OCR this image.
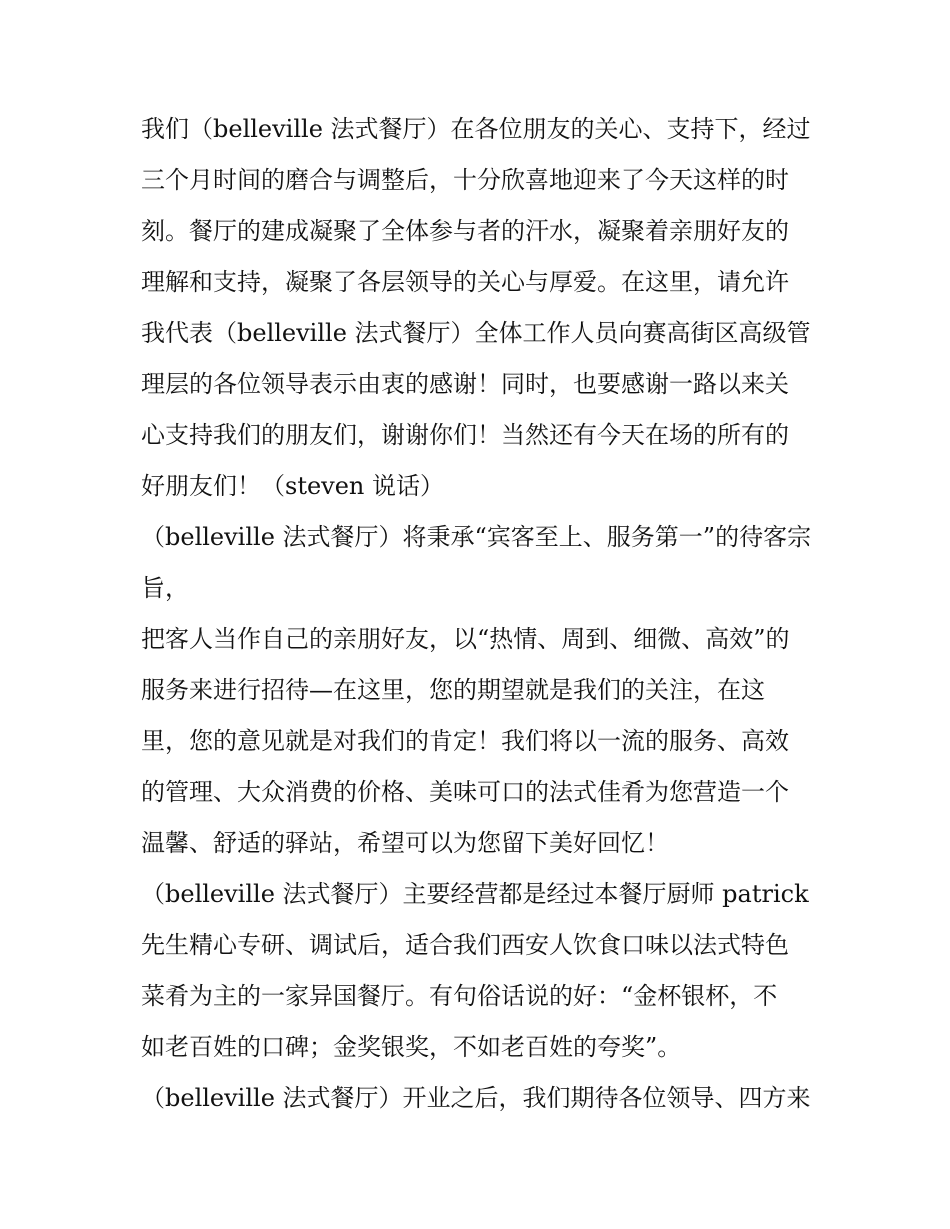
我们（belleville 法式餐厅）在各位朋友的关心、支持下，经过
三个月时间的磨合与调整后，十分欣喜地迎来了今天这样的时
刻。餐厅的建成凝聚了全体参与者的汗水，凝聚着亲朋好友的
理解和支持，凝聚了各层领导的关心与厚爱。在这里，请允许
我代表（belleville 法式餐厅）全体工作人员向赛高街区高级管
理层的各位领导表示由衷的感谢！同时，也要感谢一路以来关
心支持我们的朋友们，谢谢你们！当然还有今天在场的所有的
好朋友们！（steven 说话）
（belleville 法式餐厅）将秉承“宾客至上、服务第一”的待客宗
旨，
把客人当作自己的亲朋好友，以“热情、周到、细微、高效”的
服务来进行招待—在这里，您的期望就是我们的关注，在这
里，您的意见就是对我们的肯定！我们将以一流的服务、高效
的管理、大众消费的价格、美味可口的法式佳肴为您营造一个
温馨、舒适的驿站，希望可以为您留下美好回忆！
（belleville 法式餐厅）主要经营都是经过本餐厅厨师 patrick
先生精心专研、调试后，适合我们西安人饮食口味以法式特色
菜肴为主的一家异国餐厅。有句俗话说的好：“金杯银杯，不
如老百姓的口碑；金奖银奖，不如老百姓的夸奖”。
（belleville 法式餐厅）开业之后，我们期待各位领导、四方来
